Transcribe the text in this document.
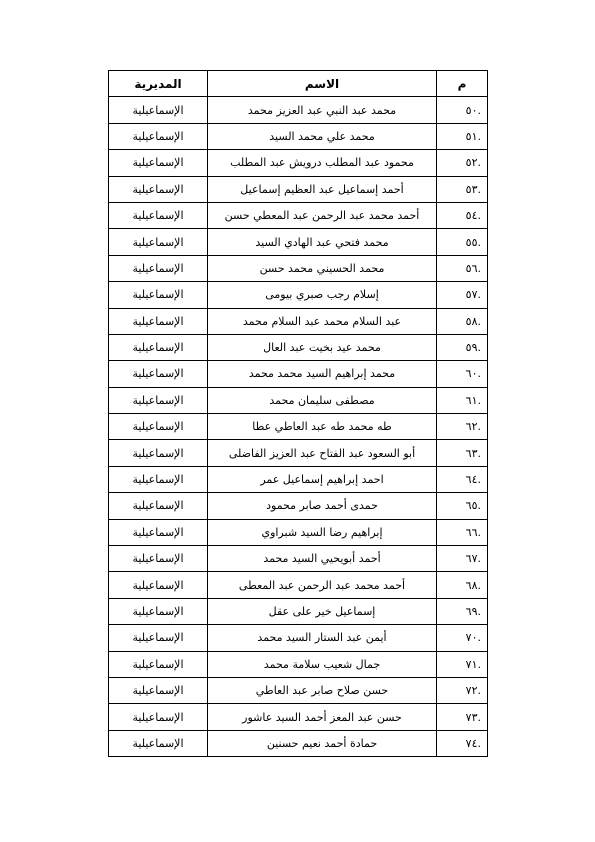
م	الاسم	المديرية
.٥٠	محمد عبد النبي عبد العزيز محمد	الإسماعيلية
.٥١	محمد علي محمد السيد	الإسماعيلية
.٥٢	محمود عبد المطلب درويش عبد المطلب	الإسماعيلية
.٥٣	أحمد إسماعيل عبد العظيم إسماعيل	الإسماعيلية
.٥٤	أحمد محمد عبد الرحمن عبد المعطي حسن	الإسماعيلية
.٥٥	محمد فتحي عبد الهادي السيد	الإسماعيلية
.٥٦	محمد الحسيني محمد حسن	الإسماعيلية
.٥٧	إسلام رجب صبري بيومى	الإسماعيلية
.٥٨	عبد السلام محمد عبد السلام محمد	الإسماعيلية
.٥٩	محمد عيد بخيت عبد العال	الإسماعيلية
.٦٠	محمد إبراهيم السيد محمد محمد	الإسماعيلية
.٦١	مصطفى سليمان محمد	الإسماعيلية
.٦٢	طه محمد طه عبد العاطي عطا	الإسماعيلية
.٦٣	أبو السعود عبد الفتاح عبد العزيز الفاضلى	الإسماعيلية
.٦٤	احمد إبراهيم إسماعيل عمر	الإسماعيلية
.٦٥	حمدى أحمد صابر محمود	الإسماعيلية
.٦٦	إبراهيم رضا السيد شبراوي	الإسماعيلية
.٦٧	أحمد أبويحيي السيد محمد	الإسماعيلية
.٦٨	أحمد محمد عبد الرحمن عبد المعطى	الإسماعيلية
.٦٩	إسماعيل خير على عقل	الإسماعيلية
.٧٠	أيمن عبد الستار السيد محمد	الإسماعيلية
.٧١	جمال شعيب سلامة محمد	الإسماعيلية
.٧٢	حسن صلاح صابر عبد العاطي	الإسماعيلية
.٧٣	حسن عبد المعز أحمد السيد عاشور	الإسماعيلية
.٧٤	حمادة أحمد نعيم حسنين	الإسماعيلية
